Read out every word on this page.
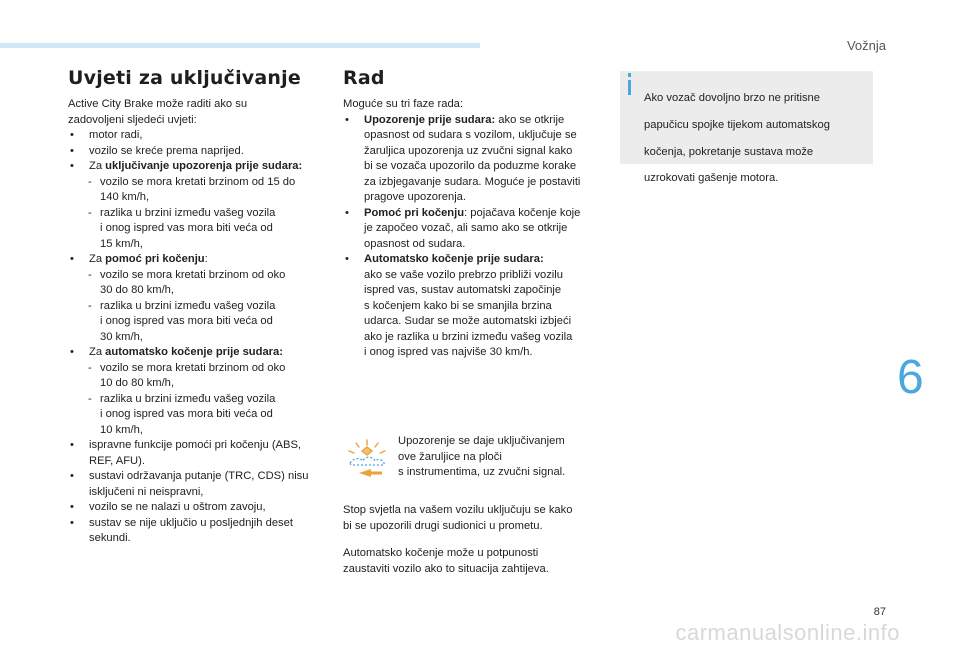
Vožnja
Uvjeti za uključivanje

Active City Brake može raditi ako su

zadovoljeni sljedeći uvjeti:

• motor radi,
• vozilo se kreće prema naprijed.
• Za uključivanje upozorenja prije sudara:
- vozilo se mora kretati brzinom od 15 do
140 km/h,
- razlika u brzini između vašeg vozila
i onog ispred vas mora biti veća od
15 km/h,
• Za pomoć pri kočenju:
- vozilo se mora kretati brzinom od oko
30 do 80 km/h,
- razlika u brzini između vašeg vozila
i onog ispred vas mora biti veća od
30 km/h,
• Za automatsko kočenje prije sudara:
- vozilo se mora kretati brzinom od oko
10 do 80 km/h,
- razlika u brzini između vašeg vozila
i onog ispred vas mora biti veća od
10 km/h,
• ispravne funkcije pomoći pri kočenju (ABS,
REF, AFU).
• sustavi održavanja putanje (TRC, CDS) nisu
isključeni ni neispravni,
• vozilo se ne nalazi u oštrom zavoju,
• sustav se nije uključio u posljednjih deset
sekundi.
Rad

Moguće su tri faze rada:

• Upozorenje prije sudara: ako se otkrije
opasnost od sudara s vozilom, uključuje se
žaruljica upozorenja uz zvučni signal kako
bi se vozača upozorilo da poduzme korake
za izbjegavanje sudara. Moguće je postaviti
pragove upozorenja.
• Pomoć pri kočenju: pojačava kočenje koje
je započeo vozač, ali samo ako se otkrije
opasnost od sudara.
• Automatsko kočenje prije sudara:
ako se vaše vozilo prebrzo približi vozilu
ispred vas, sustav automatski započinje
s kočenjem kako bi se smanjila brzina
udarca. Sudar se može automatski izbjeći
ako je razlika u brzini između vašeg vozila
i onog ispred vas najviše 30 km/h.

Upozorenje se daje uključivanjem

ove žaruljice na ploči

s instrumentima, uz zvučni signal.

Stop svjetla na vašem vozilu uključuju se kako

bi se upozorili drugi sudionici u prometu.

Automatsko kočenje može u potpunosti

zaustaviti vozilo ako to situacija zahtijeva.

Ako vozač dovoljno brzo ne pritisne

papučicu spojke tijekom automatskog

kočenja, pokretanje sustava može

uzrokovati gašenje motora.

6
87
carmanualsonline.info
